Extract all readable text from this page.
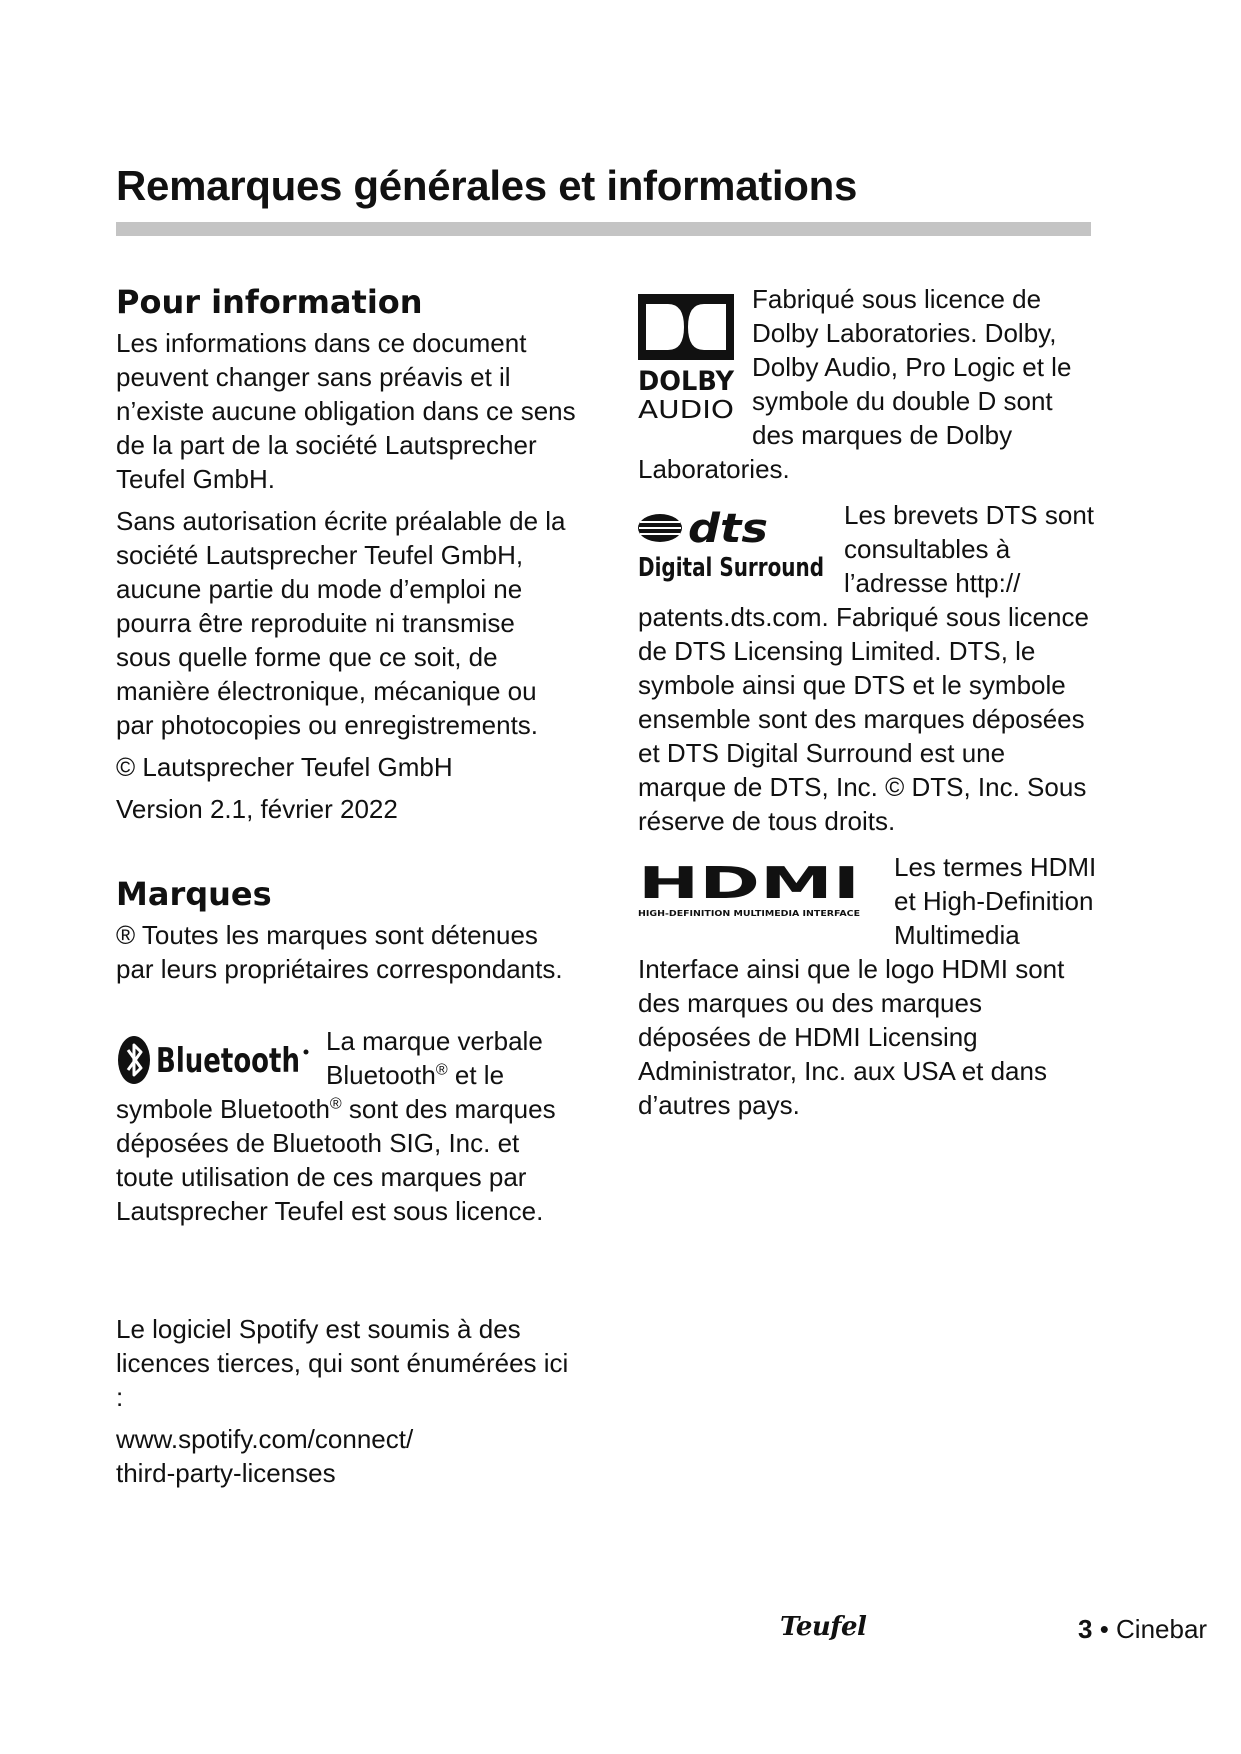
Remarques générales et informations
Pour information

Les informations dans ce document peuvent changer sans préavis et il n’existe aucune obligation dans ce sens de la part de la société Lautsprecher Teufel GmbH.

Sans autorisation écrite préalable de la société Lautsprecher Teufel GmbH, aucune partie du mode d’emploi ne pourra être reproduite ni transmise sous quelle forme que ce soit, de manière électronique, mécanique ou par photocopies ou enregistrements.

© Lautsprecher Teufel GmbH

Version 2.1, février 2022

Marques

® Toutes les marques sont détenues par leurs propriétaires correspondants.

Bluetooth La marque verbale Bluetooth® et le symbole Bluetooth® sont des marques déposées de Bluetooth SIG, Inc. et toute utilisation de ces marques par Lautsprecher Teufel est sous licence.

Le logiciel Spotify est soumis à des licences tierces, qui sont énumérées ici :

www.spotify.com/connect/
third-party-licenses

DOLBY
AUDIO
Fabriqué sous licence de Dolby Laboratories. Dolby, Dolby Audio, Pro Logic et le symbole du double D sont des marques de Dolby Laboratories.
dts
Digital Surround
Les brevets DTS sont consultables à l’adresse http:// patents.dts.com. Fabriqué sous licence de DTS Licensing Limited. DTS, le symbole ainsi que DTS et le symbole ensemble sont des marques déposées et DTS Digital Surround est une marque de DTS, Inc. © DTS, Inc. Sous réserve de tous droits.
HDMI
HIGH-DEFINITION MULTIMEDIA INTERFACE
Les termes HDMI et High-Definition Multimedia Interface ainsi que le logo HDMI sont des marques ou des marques déposées de HDMI Licensing Administrator, Inc. aux USA et dans d’autres pays.
Teufel	3 • Cinebar
